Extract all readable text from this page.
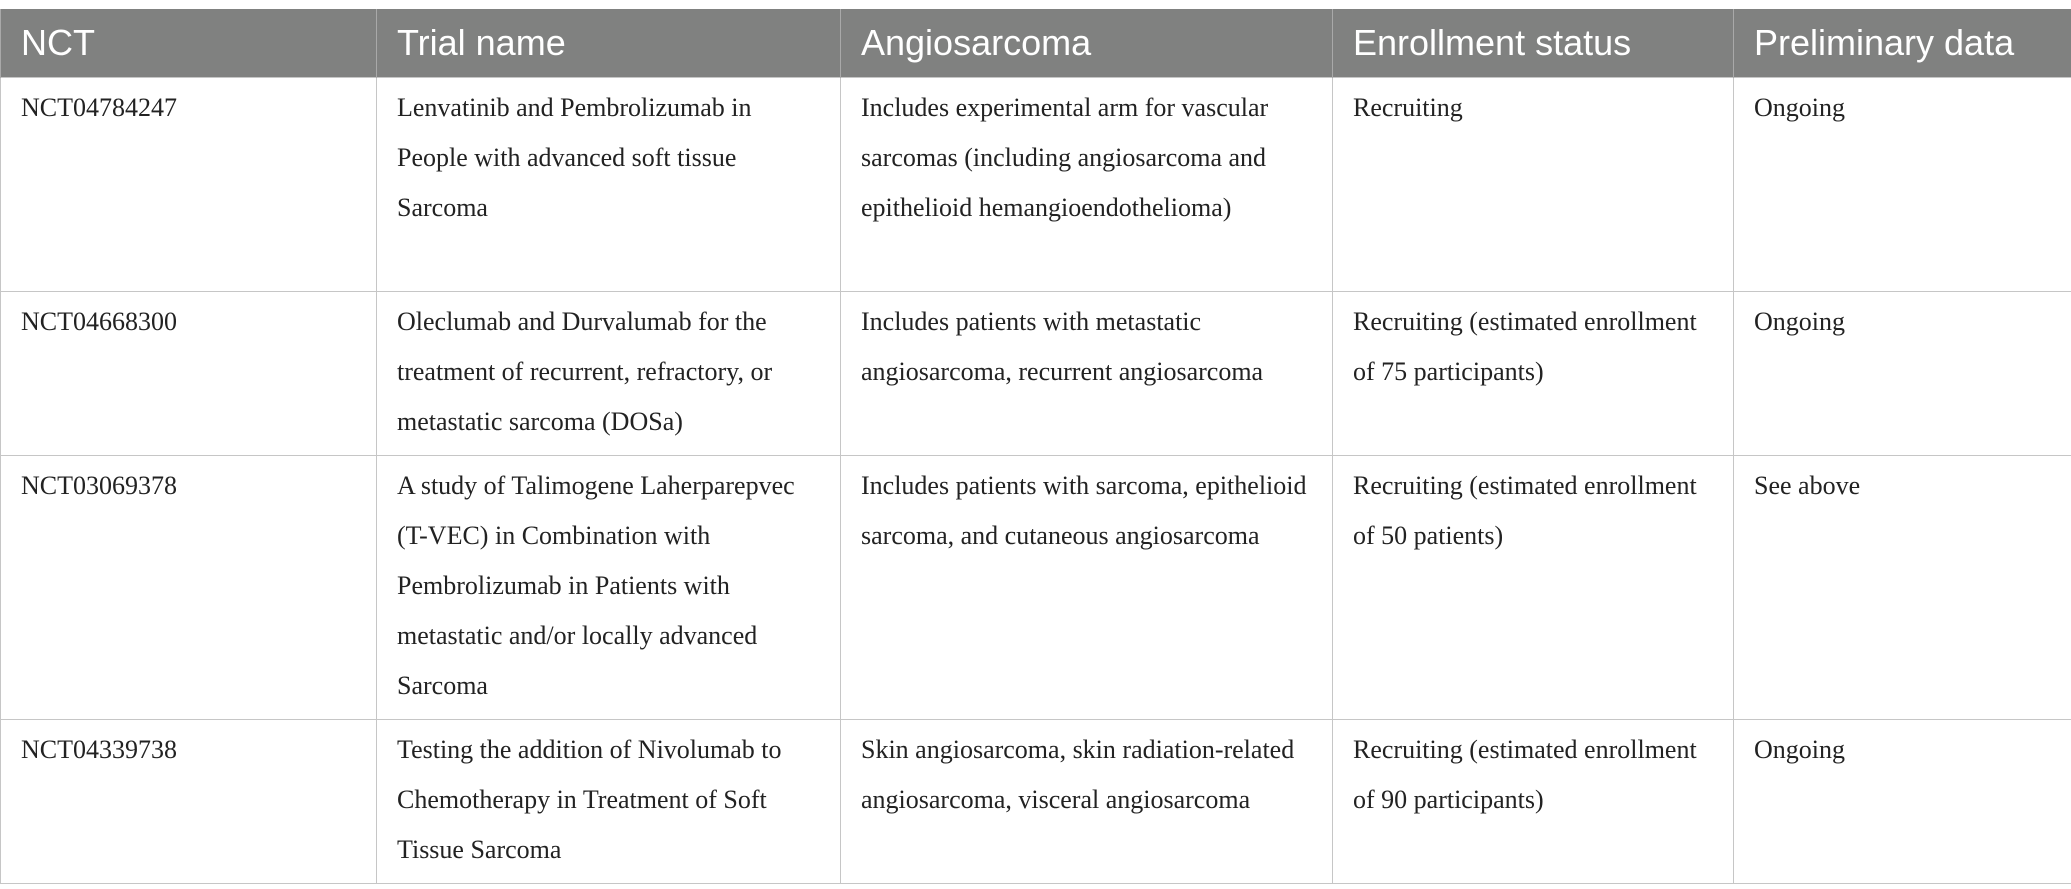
NCT	Trial name	Angiosarcoma	Enrollment status	Preliminary data
NCT04784247	Lenvatinib and Pembrolizumab in People with advanced soft tissue Sarcoma	Includes experimental arm for vascular sarcomas (including angiosarcoma and epithelioid hemangioendothelioma)	Recruiting	Ongoing
NCT04668300	Oleclumab and Durvalumab for the treatment of recurrent, refractory, or metastatic sarcoma (DOSa)	Includes patients with metastatic angiosarcoma, recurrent angiosarcoma	Recruiting (estimated enrollment of 75 participants)	Ongoing
NCT03069378	A study of Talimogene Laherparepvec (T-VEC) in Combination with Pembrolizumab in Patients with metastatic and/or locally advanced Sarcoma	Includes patients with sarcoma, epithelioid sarcoma, and cutaneous angiosarcoma	Recruiting (estimated enrollment of 50 patients)	See above
NCT04339738	Testing the addition of Nivolumab to Chemotherapy in Treatment of Soft Tissue Sarcoma	Skin angiosarcoma, skin radiation-related angiosarcoma, visceral angiosarcoma	Recruiting (estimated enrollment of 90 participants)	Ongoing
